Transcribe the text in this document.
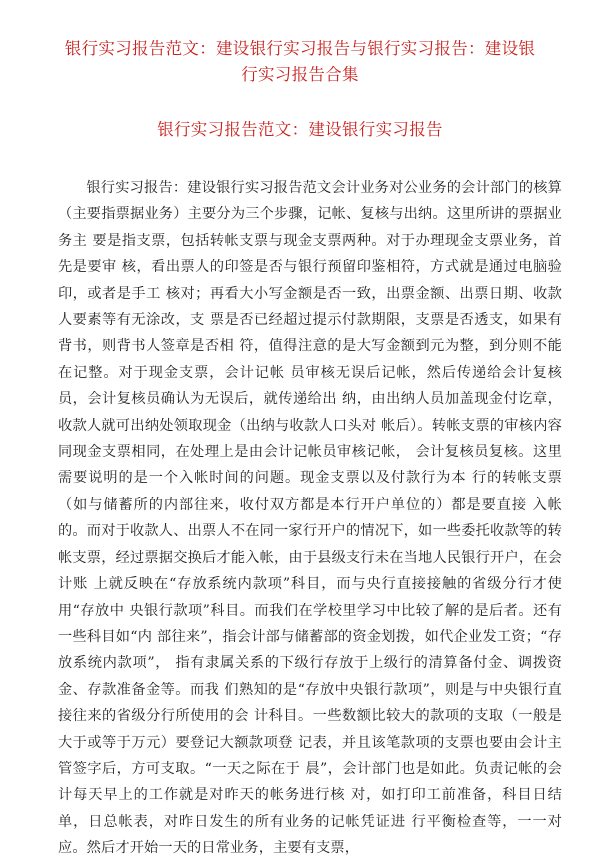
银行实习报告范文：建设银行实习报告与银行实习报告：建设银行实习报告合集
银行实习报告范文：建设银行实习报告

银行实习报告：建设银行实习报告范文会计业务对公业务的会计部门的核算（主要指票据业务）主要分为三个步骤，记帐、复核与出纳。这里所讲的票据业务主 要是指支票，包括转帐支票与现金支票两种。对于办理现金支票业务，首先是要审 核，看出票人的印签是否与银行预留印鉴相符，方式就是通过电脑验印，或者是手工 核对；再看大小写金额是否一致，出票金额、出票日期、收款人要素等有无涂改，支 票是否已经超过提示付款期限，支票是否透支，如果有背书，则背书人签章是否相 符，值得注意的是大写金额到元为整，到分则不能在记整。对于现金支票，会计记帐 员审核无误后记帐，然后传递给会计复核员，会计复核员确认为无误后，就传递给出 纳，由出纳人员加盖现金付讫章，收款人就可出纳处领取现金（出纳与收款人口头对 帐后）。转帐支票的审核内容同现金支票相同，在处理上是由会计记帐员审核记帐， 会计复核员复核。这里需要说明的是一个入帐时间的问题。现金支票以及付款行为本 行的转帐支票（如与储蓄所的内部往来，收付双方都是本行开户单位的）都是要直接 入帐的。而对于收款人、出票人不在同一家行开户的情况下，如一些委托收款等的转 帐支票，经过票据交换后才能入帐，由于县级支行未在当地人民银行开户，在会计账 上就反映在“存放系统内款项”科目，而与央行直接接触的省级分行才使用“存放中 央银行款项”科目。而我们在学校里学习中比较了解的是后者。还有一些科目如“内 部往来”，指会计部与储蓄部的资金划拨，如代企业发工资；“存放系统内款项”， 指有隶属关系的下级行存放于上级行的清算备付金、调拨资金、存款准备金等。而我 们熟知的是“存放中央银行款项”，则是与中央银行直接往来的省级分行所使用的会 计科目。一些数额比较大的款项的支取（一般是大于或等于万元）要登记大额款项登 记表，并且该笔款项的支票也要由会计主管签字后，方可支取。“一天之际在于 晨”，会计部门也是如此。负责记帐的会计每天早上的工作就是对昨天的帐务进行核 对，如打印工前准备，科目日结单，日总帐表，对昨日发生的所有业务的记帐凭证进 行平衡检查等，一一对应。然后才开始一天的日常业务，主要有支票，
